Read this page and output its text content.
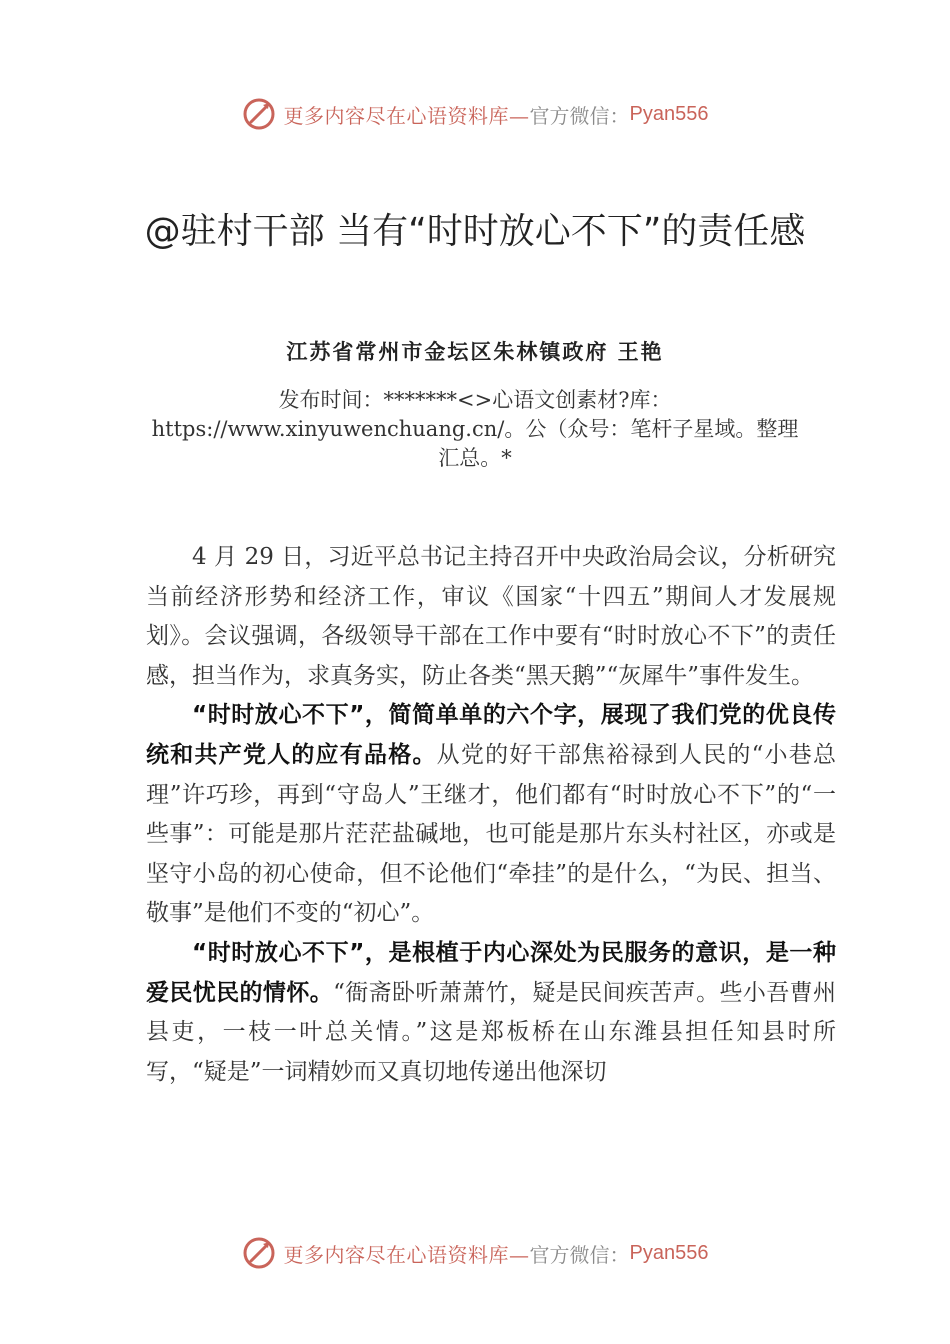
更多内容尽在心语资料库— 官方微信： Pyan556
@驻村干部 当有“时时放心不下”的责任感
江苏省常州市金坛区朱林镇政府 王艳
发布时间：*******<>心语文创素材?库：https://www.xinyuwenchuang.cn/。公（众号：笔杆子星域。整理汇总。*

4 月 29 日，习近平总书记主持召开中央政治局会议，分析研究当前经济形势和经济工作，审议《国家“十四五”期间人才发展规划》。会议强调，各级领导干部在工作中要有“时时放心不下”的责任感，担当作为，求真务实，防止各类“黑天鹅”“灰犀牛”事件发生。

“时时放心不下”，简简单单的六个字，展现了我们党的优良传统和共产党人的应有品格。从党的好干部焦裕禄到人民的“小巷总理”许巧珍，再到“守岛人”王继才，他们都有“时时放心不下”的“一些事”：可能是那片茫茫盐碱地，也可能是那片东头村社区，亦或是坚守小岛的初心使命，但不论他们“牵挂”的是什么，“为民、担当、敬事”是他们不变的“初心”。

“时时放心不下”，是根植于内心深处为民服务的意识，是一种爱民忧民的情怀。“衙斋卧听萧萧竹，疑是民间疾苦声。些小吾曹州县吏，一枝一叶总关情。”这是郑板桥在山东潍县担任知县时所写，“疑是”一词精妙而又真切地传递出他深切

更多内容尽在心语资料库— 官方微信： Pyan556
